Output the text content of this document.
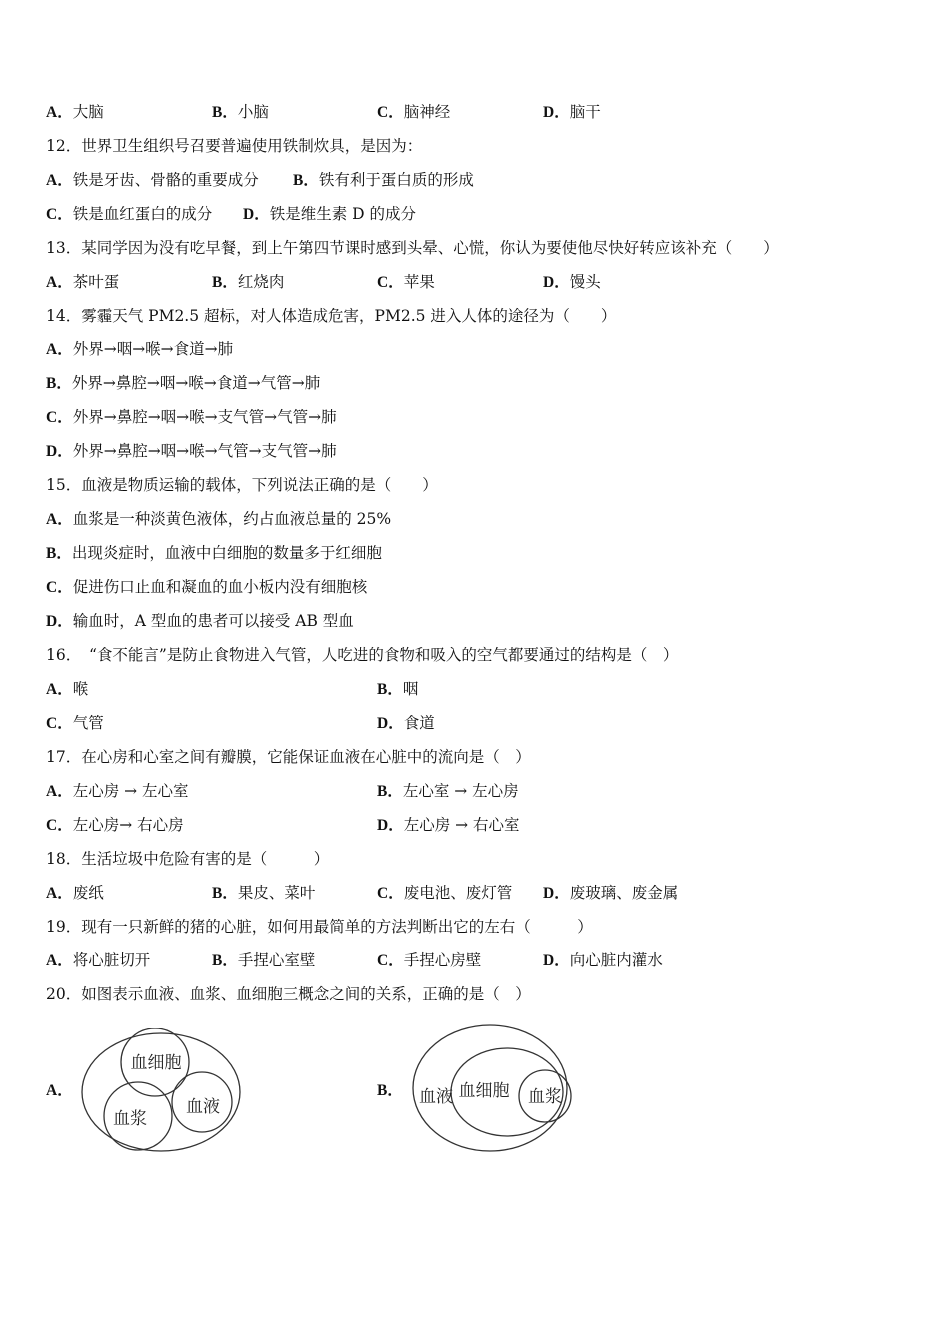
A．大脑	B．小脑	C．脑神经	D．脑干
12．世界卫生组织号召要普遍使用铁制炊具，是因为：
A．铁是牙齿、骨骼的重要成分 B．铁有利于蛋白质的形成
C．铁是血红蛋白的成分 D．铁是维生素 D 的成分
13．某同学因为没有吃早餐，到上午第四节课时感到头晕、心慌，你认为要使他尽快好转应该补充（　　）
A．茶叶蛋	B．红烧肉	C．苹果	D．馒头
14．雾霾天气 PM2.5 超标，对人体造成危害，PM2.5 进入人体的途径为（　　）
A．外界→咽→喉→食道→肺
B．外界→鼻腔→咽→喉→食道→气管→肺
C．外界→鼻腔→咽→喉→支气管→气管→肺
D．外界→鼻腔→咽→喉→气管→支气管→肺
15．血液是物质运输的载体，下列说法正确的是（　　）
A．血浆是一种淡黄色液体，约占血液总量的 25%
B．出现炎症时，血液中白细胞的数量多于红细胞
C．促进伤口止血和凝血的血小板内没有细胞核
D．输血时，A 型血的患者可以接受 AB 型血
16．　“食不能言”是防止食物进入气管，人吃进的食物和吸入的空气都要通过的结构是（　）
A．喉	B．咽
C．气管	D．食道
17．在心房和心室之间有瓣膜，它能保证血液在心脏中的流向是（　）
A．左心房 → 左心室	B．左心室 → 左心房
C．左心房→ 右心房	D．左心房 → 右心室
18．生活垃圾中危险有害的是（　　　）
A．废纸	B．果皮、菜叶	C．废电池、废灯管 D．废玻璃、废金属
19．现有一只新鲜的猪的心脏，如何用最简单的方法判断出它的左右（　　　）
A．将心脏切开	B．手捏心室壁	C．手捏心房壁	D．向心脏内灌水
20．如图表示血液、血浆、血细胞三概念之间的关系，正确的是（　）
A．	B．
血细胞
血浆
血液	血液 血细胞 血浆
